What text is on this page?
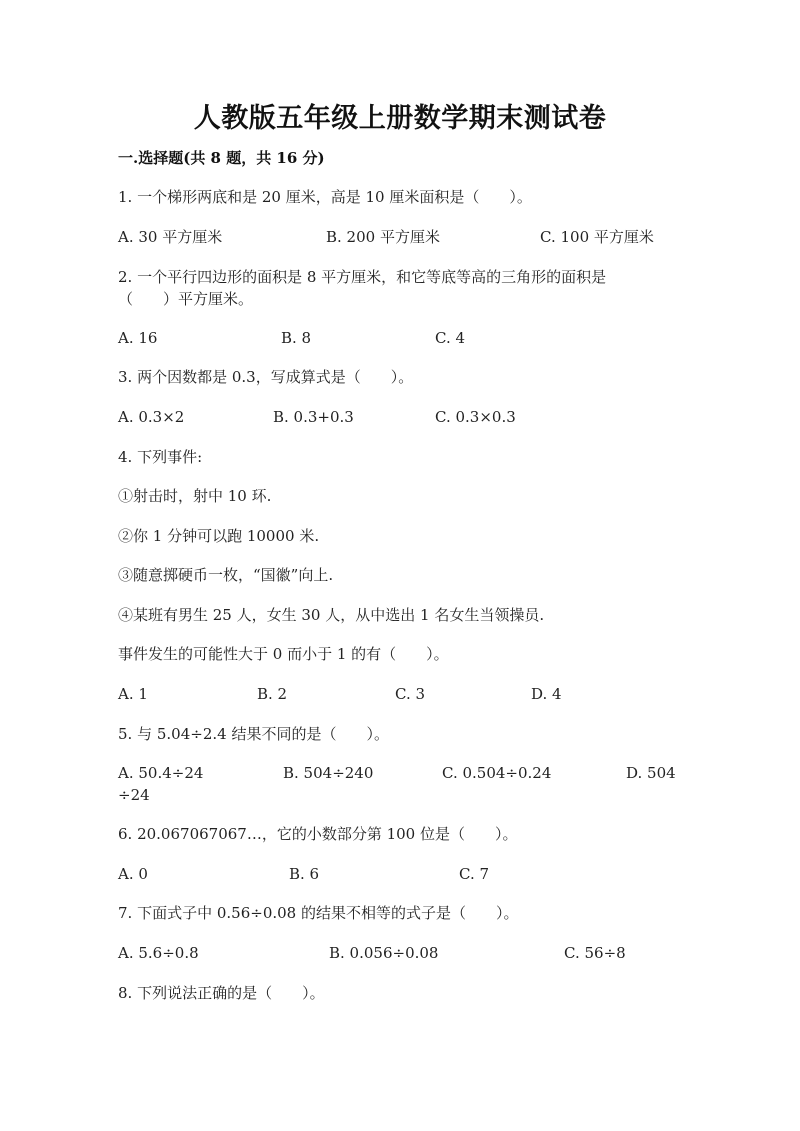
人教版五年级上册数学期末测试卷
一.选择题(共 8 题，共 16 分)
1. 一个梯形两底和是 20 厘米，高是 10 厘米面积是（　　）。
A. 30 平方厘米	B. 200 平方厘米	C. 100 平方厘米
2. 一个平行四边形的面积是 8 平方厘米，和它等底等高的三角形的面积是
（　　）平方厘米。
A. 16	B. 8	C. 4
3. 两个因数都是 0.3，写成算式是（　　）。
A. 0.3×2	B. 0.3+0.3	C. 0.3×0.3
4. 下列事件:
①射击时，射中 10 环.
②你 1 分钟可以跑 10000 米.
③随意掷硬币一枚，“国徽”向上.
④某班有男生 25 人，女生 30 人，从中选出 1 名女生当领操员.
事件发生的可能性大于 0 而小于 1 的有（　　）。
A. 1	B. 2	C. 3	D. 4
5. 与 5.04÷2.4 结果不同的是（　　）。
A. 50.4÷24	B. 504÷240	C. 0.504÷0.24	D. 504
÷24
6. 20.067067067…，它的小数部分第 100 位是（　　）。
A. 0	B. 6	C. 7
7. 下面式子中 0.56÷0.08 的结果不相等的式子是（　　）。
A. 5.6÷0.8	B. 0.056÷0.08	C. 56÷8
8. 下列说法正确的是（　　）。
